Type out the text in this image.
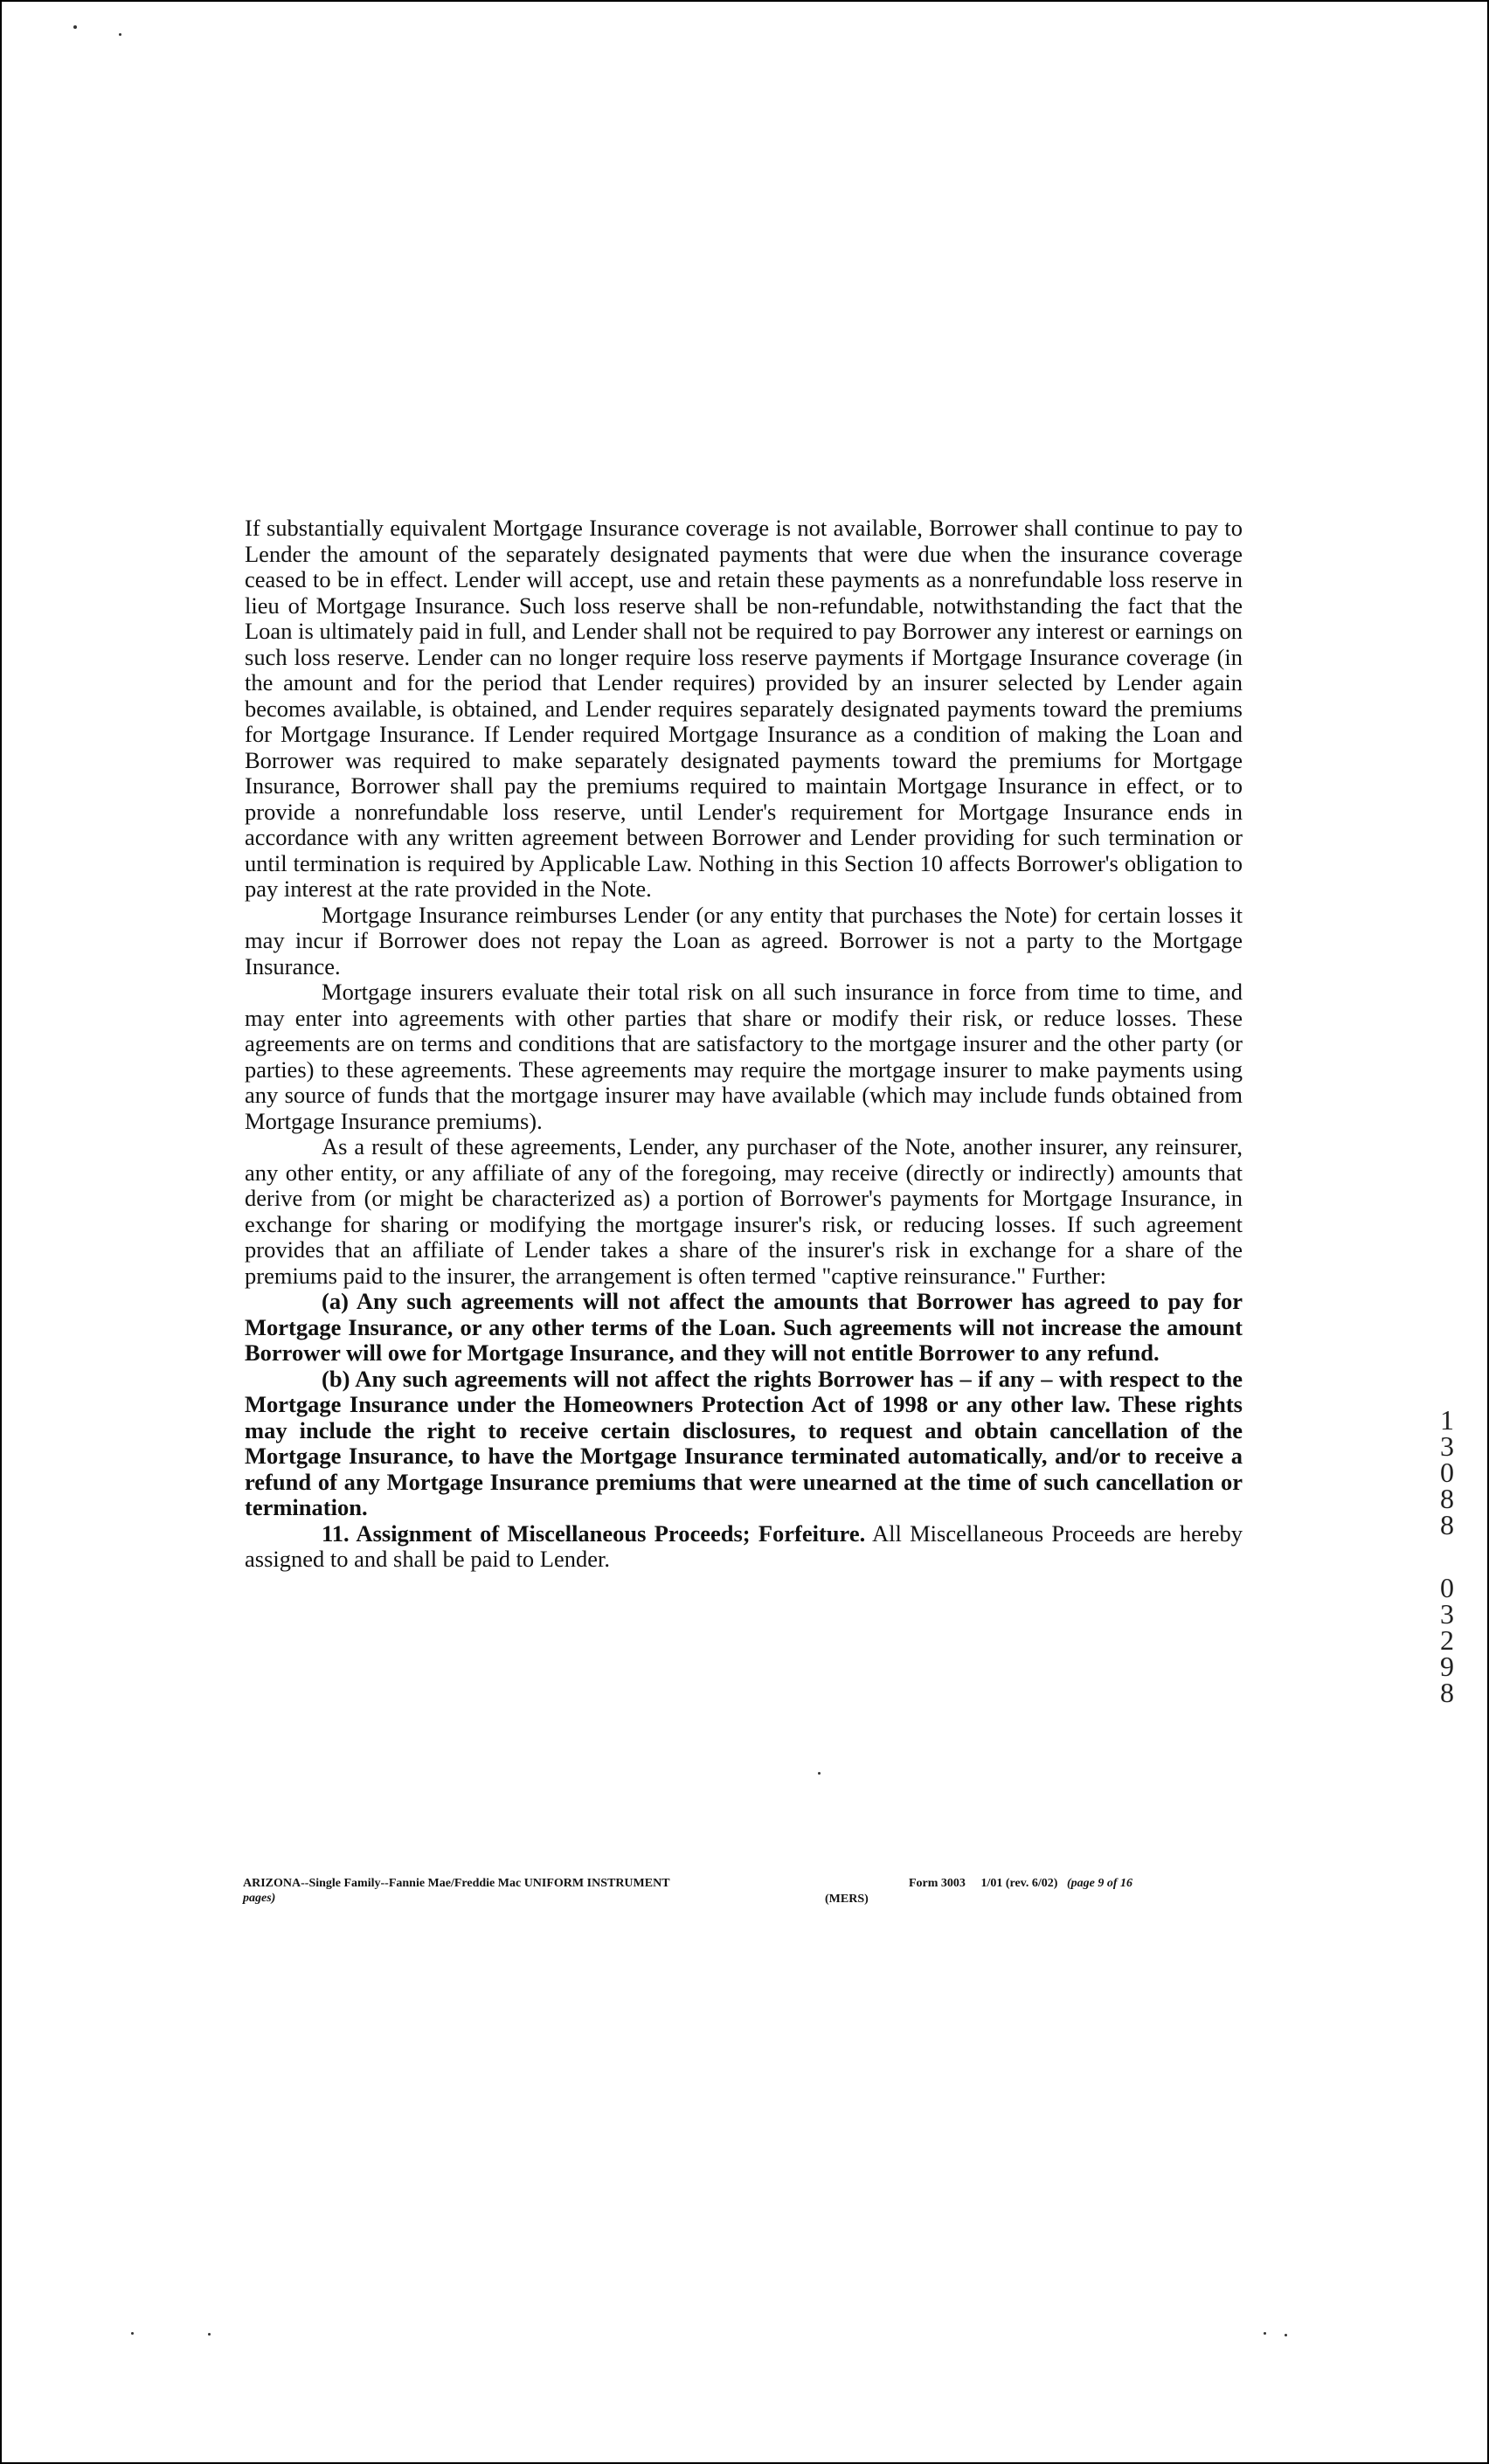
If substantially equivalent Mortgage Insurance coverage is not available, Borrower shall continue to pay to Lender the amount of the separately designated payments that were due when the insurance coverage ceased to be in effect. Lender will accept, use and retain these payments as a nonrefundable loss reserve in lieu of Mortgage Insurance. Such loss reserve shall be non-refundable, notwithstanding the fact that the Loan is ultimately paid in full, and Lender shall not be required to pay Borrower any interest or earnings on such loss reserve. Lender can no longer require loss reserve payments if Mortgage Insurance coverage (in the amount and for the period that Lender requires) provided by an insurer selected by Lender again becomes available, is obtained, and Lender requires separately designated payments toward the premiums for Mortgage Insurance. If Lender required Mortgage Insurance as a condition of making the Loan and Borrower was required to make separately designated payments toward the premiums for Mortgage Insurance, Borrower shall pay the premiums required to maintain Mortgage Insurance in effect, or to provide a nonrefundable loss reserve, until Lender's requirement for Mortgage Insurance ends in accordance with any written agreement between Borrower and Lender providing for such termination or until termination is required by Applicable Law. Nothing in this Section 10 affects Borrower's obligation to pay interest at the rate provided in the Note.

Mortgage Insurance reimburses Lender (or any entity that purchases the Note) for certain losses it may incur if Borrower does not repay the Loan as agreed. Borrower is not a party to the Mortgage Insurance.

Mortgage insurers evaluate their total risk on all such insurance in force from time to time, and may enter into agreements with other parties that share or modify their risk, or reduce losses. These agreements are on terms and conditions that are satisfactory to the mortgage insurer and the other party (or parties) to these agreements. These agreements may require the mortgage insurer to make payments using any source of funds that the mortgage insurer may have available (which may include funds obtained from Mortgage Insurance premiums).

As a result of these agreements, Lender, any purchaser of the Note, another insurer, any reinsurer, any other entity, or any affiliate of any of the foregoing, may receive (directly or indirectly) amounts that derive from (or might be characterized as) a portion of Borrower's payments for Mortgage Insurance, in exchange for sharing or modifying the mortgage insurer's risk, or reducing losses. If such agreement provides that an affiliate of Lender takes a share of the insurer's risk in exchange for a share of the premiums paid to the insurer, the arrangement is often termed "captive reinsurance." Further:

(a) Any such agreements will not affect the amounts that Borrower has agreed to pay for Mortgage Insurance, or any other terms of the Loan. Such agreements will not increase the amount Borrower will owe for Mortgage Insurance, and they will not entitle Borrower to any refund.

(b) Any such agreements will not affect the rights Borrower has – if any – with respect to the Mortgage Insurance under the Homeowners Protection Act of 1998 or any other law. These rights may include the right to receive certain disclosures, to request and obtain cancellation of the Mortgage Insurance, to have the Mortgage Insurance terminated automatically, and/or to receive a refund of any Mortgage Insurance premiums that were unearned at the time of such cancellation or termination.

11. Assignment of Miscellaneous Proceeds; Forfeiture. All Miscellaneous Proceeds are hereby assigned to and shall be paid to Lender.

1
3
0
8
8
0
3
2
9
8
ARIZONA--Single Family--Fannie Mae/Freddie Mac UNIFORM INSTRUMENT
pages)	(MERS)
Form 3003 1/01 (rev. 6/02) (page 9 of 16
